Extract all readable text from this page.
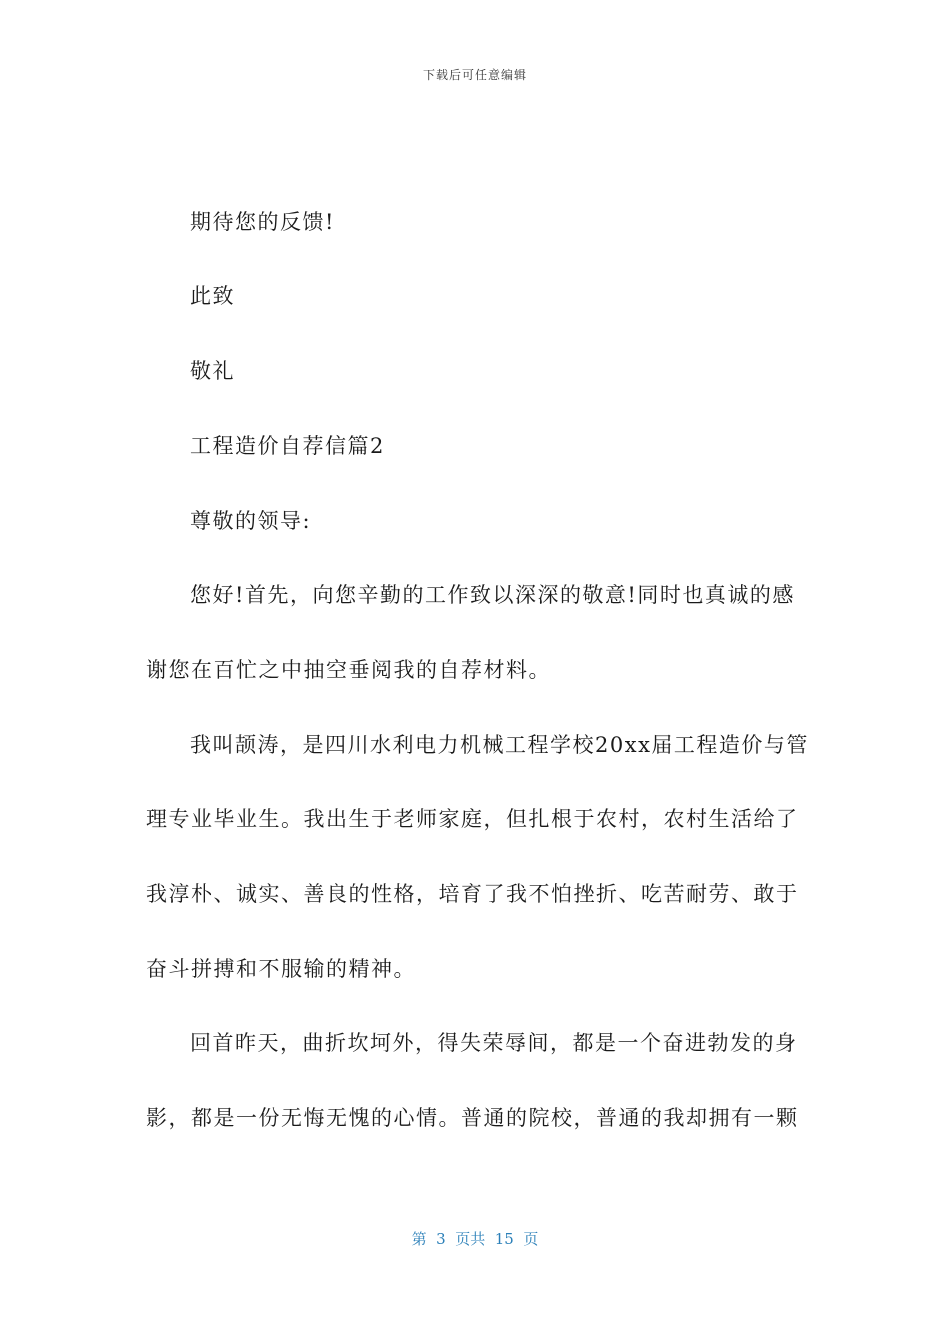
下载后可任意编辑
期待您的反馈!
此致
敬礼
工程造价自荐信篇2
尊敬的领导:
您好!首先，向您辛勤的工作致以深深的敬意!同时也真诚的感
谢您在百忙之中抽空垂阅我的自荐材料。
我叫颉涛，是四川水利电力机械工程学校20xx届工程造价与管
理专业毕业生。我出生于老师家庭，但扎根于农村，农村生活给了
我淳朴、诚实、善良的性格，培育了我不怕挫折、吃苦耐劳、敢于
奋斗拼搏和不服输的精神。
回首昨天，曲折坎坷外，得失荣辱间，都是一个奋进勃发的身
影，都是一份无悔无愧的心情。普通的院校，普通的我却拥有一颗
第  3  页共  15  页
